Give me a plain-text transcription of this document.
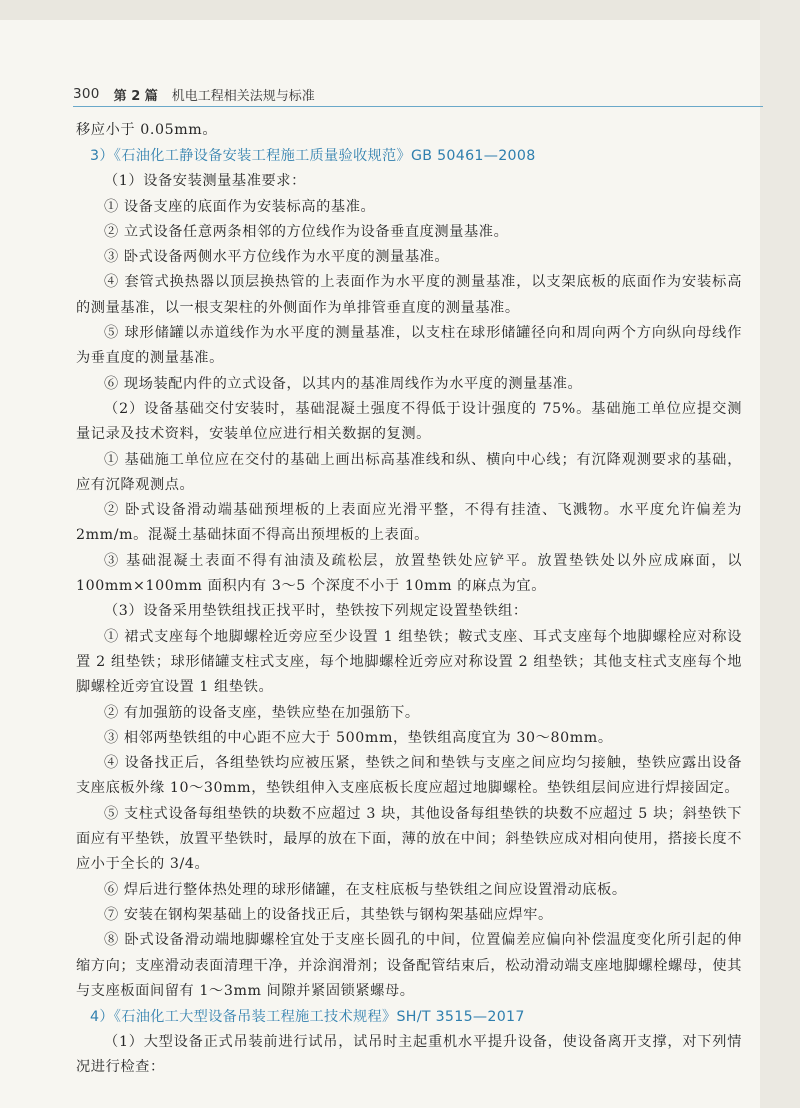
300 第 2 篇 机电工程相关法规与标准

移应小于 0.05mm。

3）《石油化工静设备安装工程施工质量验收规范》GB 50461—2008

（1）设备安装测量基准要求：

① 设备支座的底面作为安装标高的基准。

② 立式设备任意两条相邻的方位线作为设备垂直度测量基准。

③ 卧式设备两侧水平方位线作为水平度的测量基准。

④ 套管式换热器以顶层换热管的上表面作为水平度的测量基准，以支架底板的底面作为安装标高的测量基准，以一根支架柱的外侧面作为单排管垂直度的测量基准。

⑤ 球形储罐以赤道线作为水平度的测量基准，以支柱在球形储罐径向和周向两个方向纵向母线作为垂直度的测量基准。

⑥ 现场装配内件的立式设备，以其内的基准周线作为水平度的测量基准。

（2）设备基础交付安装时，基础混凝土强度不得低于设计强度的 75%。基础施工单位应提交测量记录及技术资料，安装单位应进行相关数据的复测。

① 基础施工单位应在交付的基础上画出标高基准线和纵、横向中心线；有沉降观测要求的基础，应有沉降观测点。

② 卧式设备滑动端基础预埋板的上表面应光滑平整，不得有挂渣、飞溅物。水平度允许偏差为 2mm/m。混凝土基础抹面不得高出预埋板的上表面。

③ 基础混凝土表面不得有油渍及疏松层，放置垫铁处应铲平。放置垫铁处以外应成麻面，以 100mm×100mm 面积内有 3～5 个深度不小于 10mm 的麻点为宜。

（3）设备采用垫铁组找正找平时，垫铁按下列规定设置垫铁组：

① 裙式支座每个地脚螺栓近旁应至少设置 1 组垫铁；鞍式支座、耳式支座每个地脚螺栓应对称设置 2 组垫铁；球形储罐支柱式支座，每个地脚螺栓近旁应对称设置 2 组垫铁；其他支柱式支座每个地脚螺栓近旁宜设置 1 组垫铁。

② 有加强筋的设备支座，垫铁应垫在加强筋下。

③ 相邻两垫铁组的中心距不应大于 500mm，垫铁组高度宜为 30～80mm。

④ 设备找正后，各组垫铁均应被压紧，垫铁之间和垫铁与支座之间应均匀接触，垫铁应露出设备支座底板外缘 10～30mm，垫铁组伸入支座底板长度应超过地脚螺栓。垫铁组层间应进行焊接固定。

⑤ 支柱式设备每组垫铁的块数不应超过 3 块，其他设备每组垫铁的块数不应超过 5 块；斜垫铁下面应有平垫铁，放置平垫铁时，最厚的放在下面，薄的放在中间；斜垫铁应成对相向使用，搭接长度不应小于全长的 3/4。

⑥ 焊后进行整体热处理的球形储罐，在支柱底板与垫铁组之间应设置滑动底板。

⑦ 安装在钢构架基础上的设备找正后，其垫铁与钢构架基础应焊牢。

⑧ 卧式设备滑动端地脚螺栓宜处于支座长圆孔的中间，位置偏差应偏向补偿温度变化所引起的伸缩方向；支座滑动表面清理干净，并涂润滑剂；设备配管结束后，松动滑动端支座地脚螺栓螺母，使其与支座板面间留有 1～3mm 间隙并紧固锁紧螺母。

4）《石油化工大型设备吊装工程施工技术规程》SH/T 3515—2017

（1）大型设备正式吊装前进行试吊，试吊时主起重机水平提升设备，使设备离开支撑，对下列情况进行检查：
